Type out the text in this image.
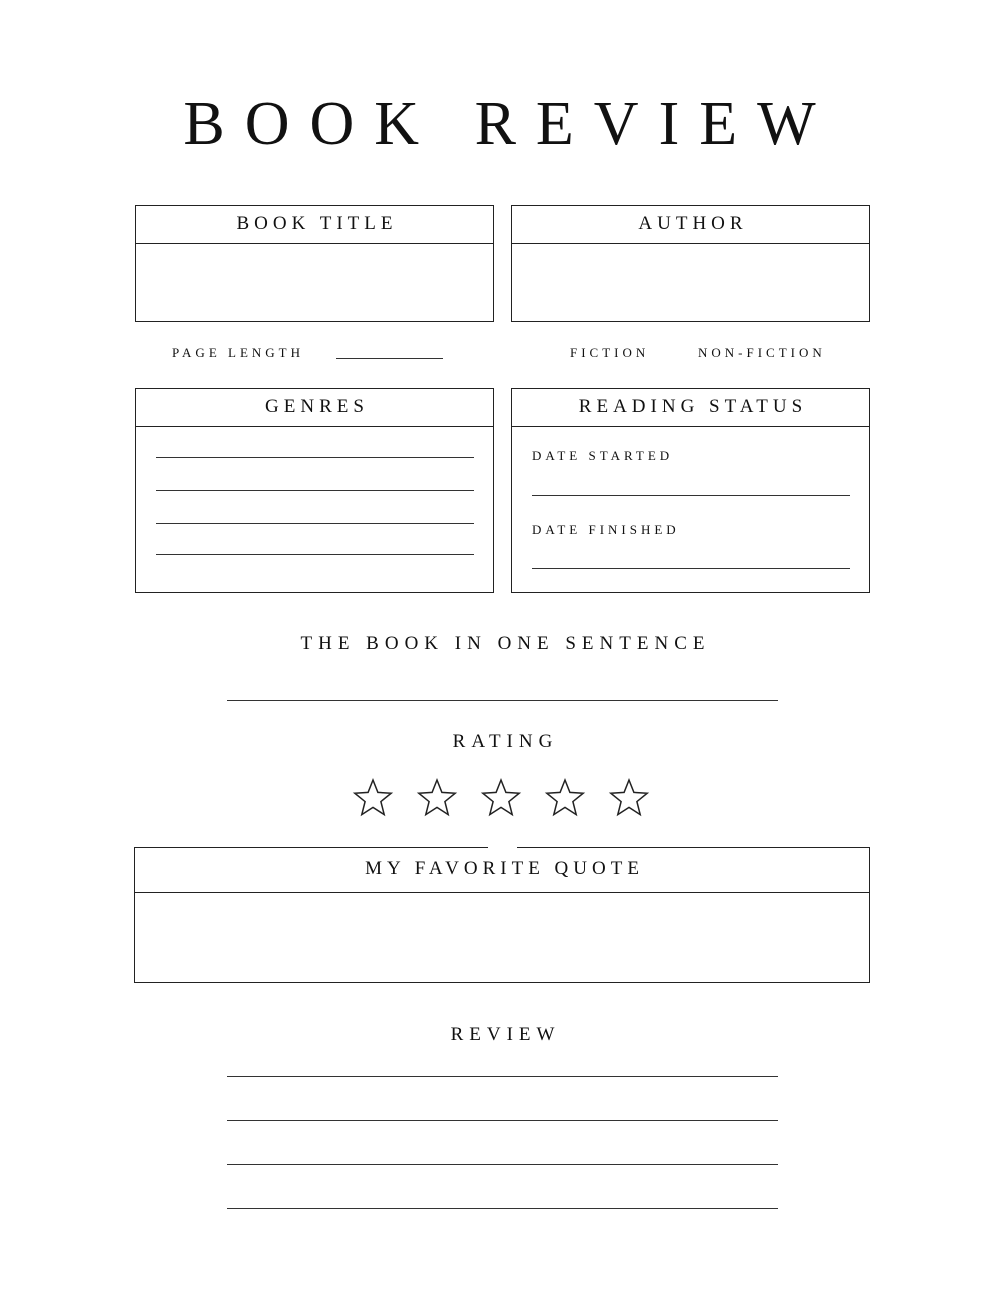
BOOK REVIEW
BOOK TITLE	AUTHOR
PAGE LENGTH	FICTION	NON-FICTION
GENRES	READING STATUS
DATE STARTED
DATE FINISHED
THE BOOK IN ONE SENTENCE
RATING
MY FAVORITE QUOTE
REVIEW
